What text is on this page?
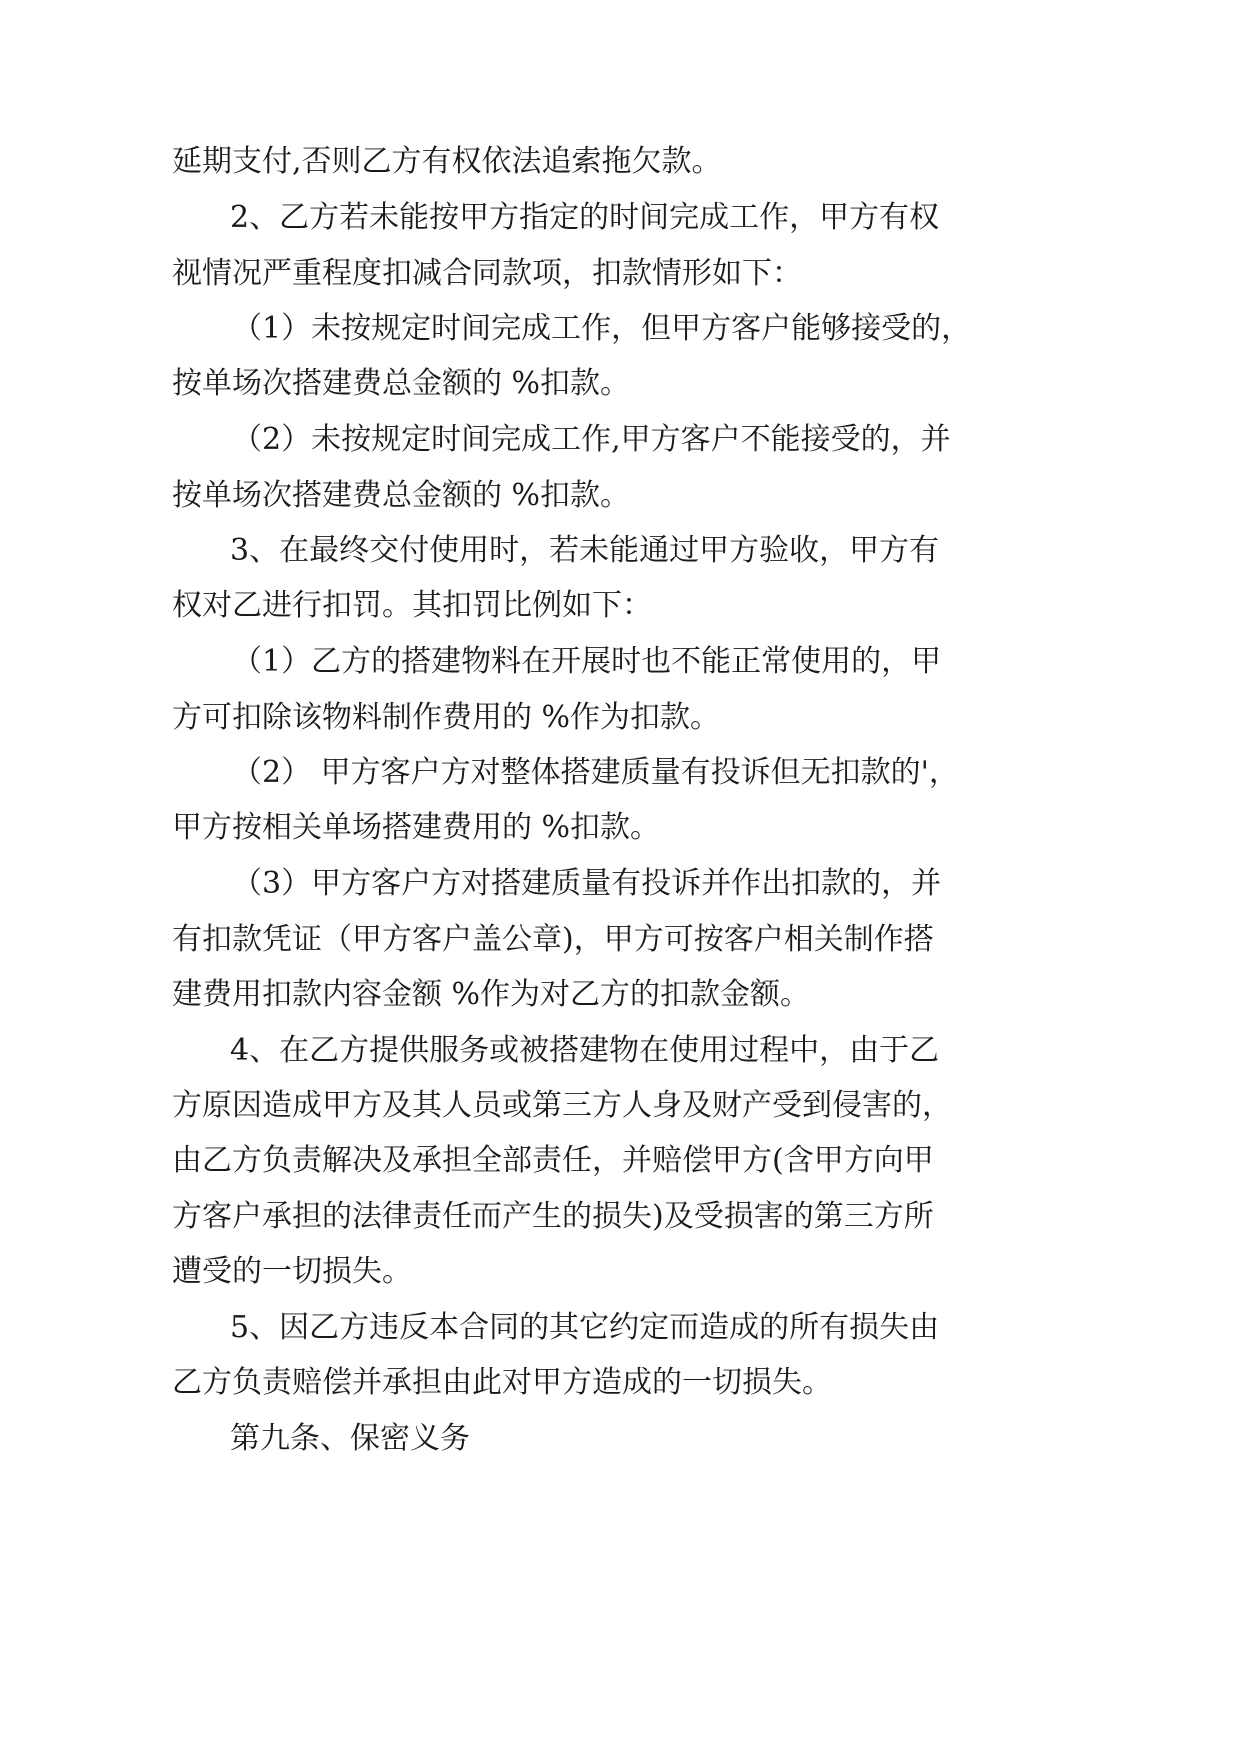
延期支付,否则乙方有权依法追索拖欠款。

2、乙方若未能按甲方指定的时间完成工作，甲方有权

视情况严重程度扣减合同款项，扣款情形如下：

（1）未按规定时间完成工作，但甲方客户能够接受的，

按单场次搭建费总金额的 %扣款。

（2）未按规定时间完成工作,甲方客户不能接受的，并

按单场次搭建费总金额的 %扣款。

3、在最终交付使用时，若未能通过甲方验收，甲方有

权对乙进行扣罚。其扣罚比例如下：

（1）乙方的搭建物料在开展时也不能正常使用的，甲

方可扣除该物料制作费用的 %作为扣款。

（2） 甲方客户方对整体搭建质量有投诉但无扣款的'，

甲方按相关单场搭建费用的 %扣款。

（3）甲方客户方对搭建质量有投诉并作出扣款的，并

有扣款凭证（甲方客户盖公章)，甲方可按客户相关制作搭

建费用扣款内容金额 %作为对乙方的扣款金额。

4、在乙方提供服务或被搭建物在使用过程中，由于乙

方原因造成甲方及其人员或第三方人身及财产受到侵害的，

由乙方负责解决及承担全部责任，并赔偿甲方(含甲方向甲

方客户承担的法律责任而产生的损失)及受损害的第三方所

遭受的一切损失。

5、因乙方违反本合同的其它约定而造成的所有损失由

乙方负责赔偿并承担由此对甲方造成的一切损失。

第九条、保密义务
